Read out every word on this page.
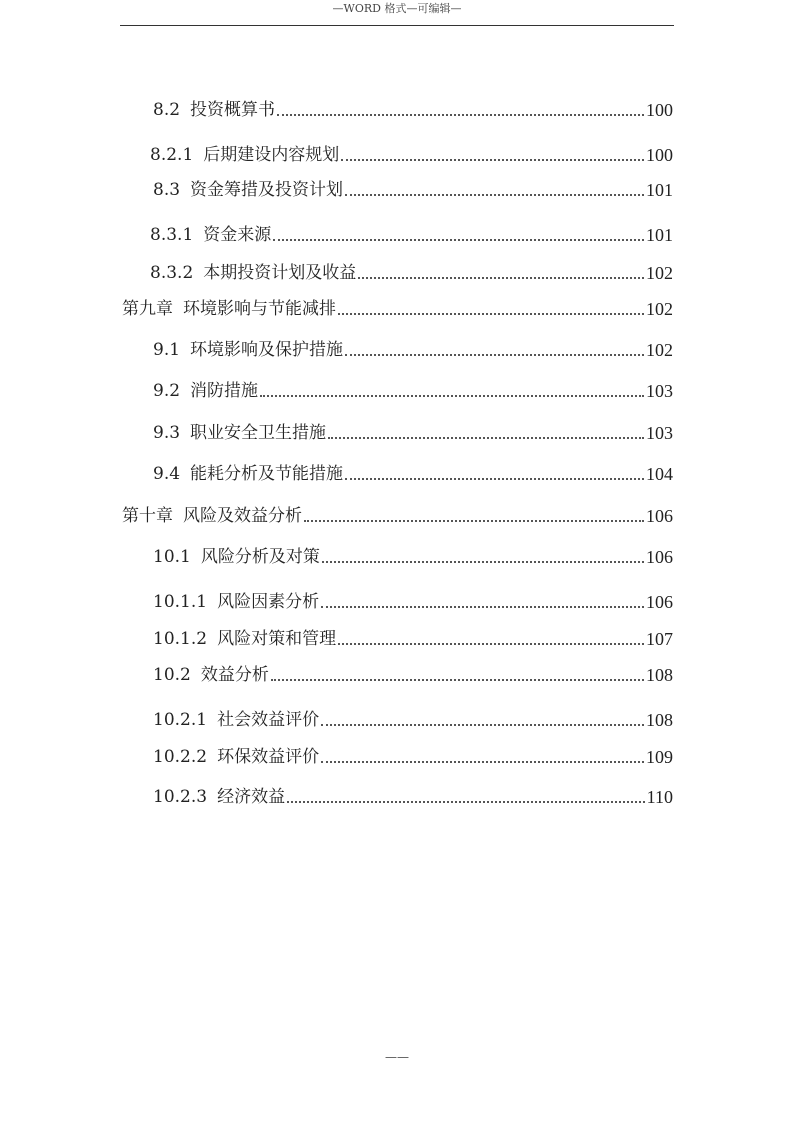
—WORD 格式—可编辑—
8.2 投资概算书	100
8.2.1 后期建设内容规划	100
8.3 资金筹措及投资计划	101
8.3.1 资金来源	101
8.3.2 本期投资计划及收益	102
第九章 环境影响与节能减排	102
9.1 环境影响及保护措施	102
9.2 消防措施	103
9.3 职业安全卫生措施	103
9.4 能耗分析及节能措施	104
第十章 风险及效益分析	106
10.1 风险分析及对策	106
10.1.1 风险因素分析	106
10.1.2 风险对策和管理	107
10.2 效益分析	108
10.2.1 社会效益评价	108
10.2.2 环保效益评价	109
10.2.3 经济效益	110
——
